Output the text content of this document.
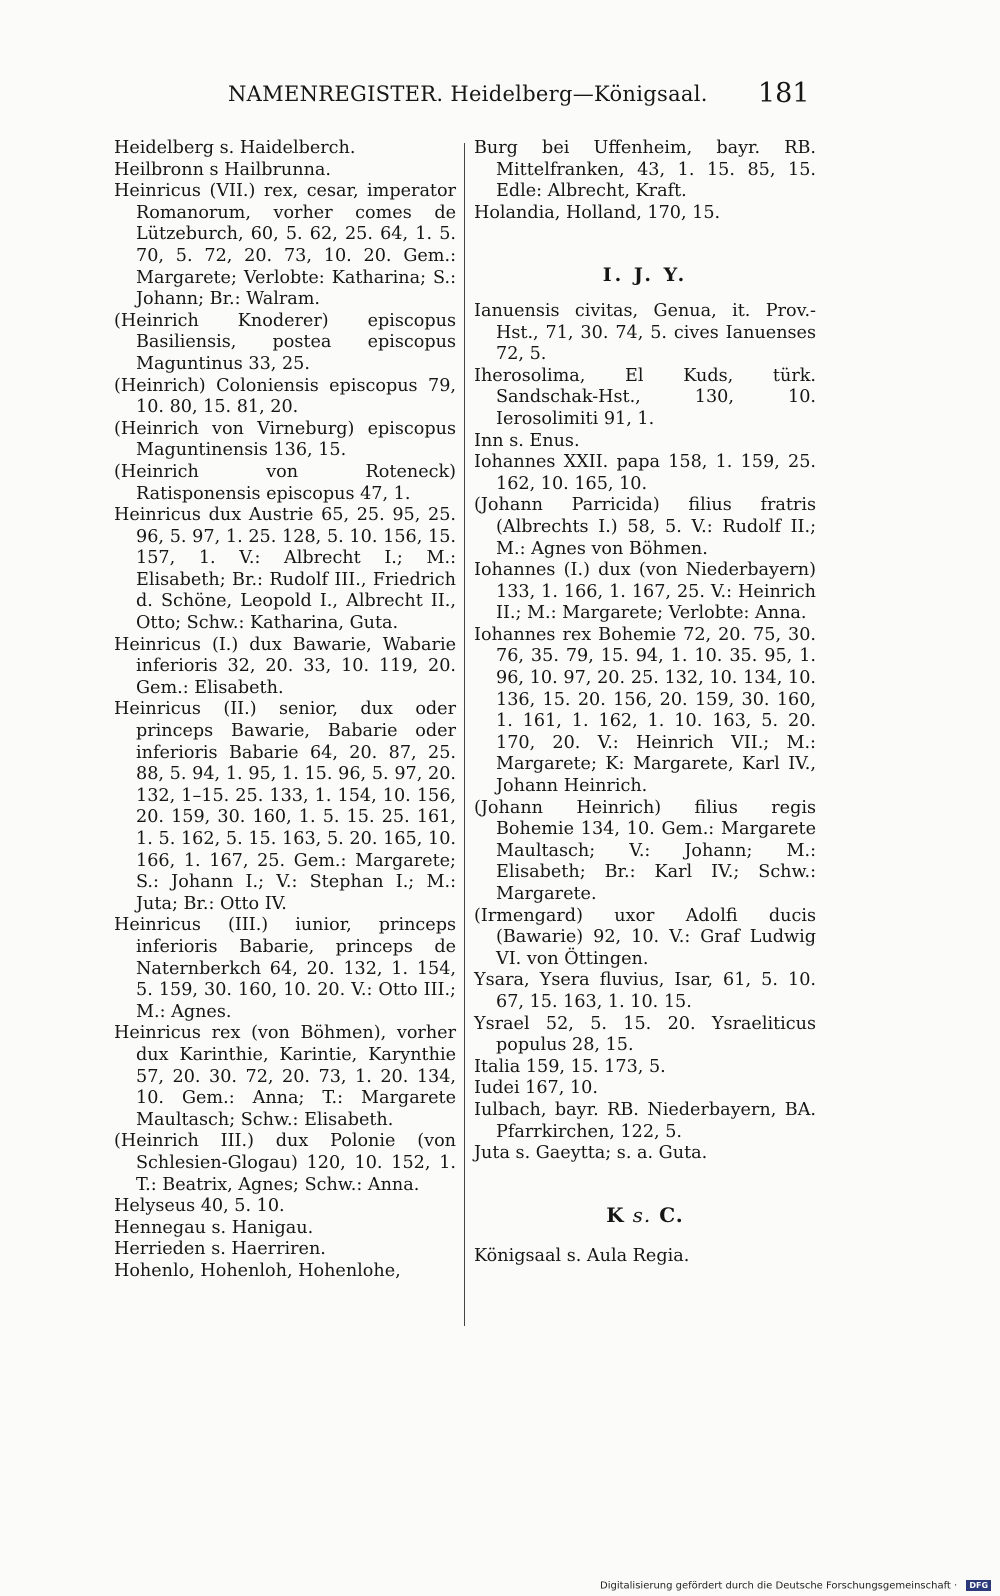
NAMENREGISTER. Heidelberg—Königsaal. 181

Heidelberg s. Haidelberch.

Heilbronn s Hailbrunna.

Heinricus (VII.) rex, cesar, imperator Romanorum, vorher comes de Lützeburch, 60, 5. 62, 25. 64, 1. 5. 70, 5. 72, 20. 73, 10. 20. Gem.: Margarete; Verlobte: Katharina; S.: Johann; Br.: Walram.

(Heinrich Knoderer) episcopus Basiliensis, postea episcopus Maguntinus 33, 25.

(Heinrich) Coloniensis episcopus 79, 10. 80, 15. 81, 20.

(Heinrich von Virneburg) episcopus Maguntinensis 136, 15.

(Heinrich von Roteneck) Ratisponensis episcopus 47, 1.

Heinricus dux Austrie 65, 25. 95, 25. 96, 5. 97, 1. 25. 128, 5. 10. 156, 15. 157, 1. V.: Albrecht I.; M.: Elisabeth; Br.: Rudolf III., Friedrich d. Schöne, Leopold I., Albrecht II., Otto; Schw.: Katharina, Guta.

Heinricus (I.) dux Bawarie, Wabarie inferioris 32, 20. 33, 10. 119, 20. Gem.: Elisabeth.

Heinricus (II.) senior, dux oder princeps Bawarie, Babarie oder inferioris Babarie 64, 20. 87, 25. 88, 5. 94, 1. 95, 1. 15. 96, 5. 97, 20. 132, 1–15. 25. 133, 1. 154, 10. 156, 20. 159, 30. 160, 1. 5. 15. 25. 161, 1. 5. 162, 5. 15. 163, 5. 20. 165, 10. 166, 1. 167, 25. Gem.: Margarete; S.: Johann I.; V.: Stephan I.; M.: Juta; Br.: Otto IV.

Heinricus (III.) iunior, princeps inferioris Babarie, princeps de Naternberkch 64, 20. 132, 1. 154, 5. 159, 30. 160, 10. 20. V.: Otto III.; M.: Agnes.

Heinricus rex (von Böhmen), vorher dux Karinthie, Karintie, Karynthie 57, 20. 30. 72, 20. 73, 1. 20. 134, 10. Gem.: Anna; T.: Margarete Maultasch; Schw.: Elisabeth.

(Heinrich III.) dux Polonie (von Schlesien-Glogau) 120, 10. 152, 1. T.: Beatrix, Agnes; Schw.: Anna.

Helyseus 40, 5. 10.

Hennegau s. Hanigau.

Herrieden s. Haerriren.

Hohenlo, Hohenloh, Hohenlohe,

Burg bei Uffenheim, bayr. RB. Mittelfranken, 43, 1. 15. 85, 15. Edle: Albrecht, Kraft.

Holandia, Holland, 170, 15.

I. J. Y.

Ianuensis civitas, Genua, it. Prov.-Hst., 71, 30. 74, 5. cives Ianuenses 72, 5.

Iherosolima, El Kuds, türk. Sandschak-Hst., 130, 10. Ierosolimiti 91, 1.

Inn s. Enus.

Iohannes XXII. papa 158, 1. 159, 25. 162, 10. 165, 10.

(Johann Parricida) filius fratris (Albrechts I.) 58, 5. V.: Rudolf II.; M.: Agnes von Böhmen.

Iohannes (I.) dux (von Niederbayern) 133, 1. 166, 1. 167, 25. V.: Heinrich II.; M.: Margarete; Verlobte: Anna.

Iohannes rex Bohemie 72, 20. 75, 30. 76, 35. 79, 15. 94, 1. 10. 35. 95, 1. 96, 10. 97, 20. 25. 132, 10. 134, 10. 136, 15. 20. 156, 20. 159, 30. 160, 1. 161, 1. 162, 1. 10. 163, 5. 20. 170, 20. V.: Heinrich VII.; M.: Margarete; K: Margarete, Karl IV., Johann Heinrich.

(Johann Heinrich) filius regis Bohemie 134, 10. Gem.: Margarete Maultasch; V.: Johann; M.: Elisabeth; Br.: Karl IV.; Schw.: Margarete.

(Irmengard) uxor Adolfi ducis (Bawarie) 92, 10. V.: Graf Ludwig VI. von Öttingen.

Ysara, Ysera fluvius, Isar, 61, 5. 10. 67, 15. 163, 1. 10. 15.

Ysrael 52, 5. 15. 20. Ysraeliticus populus 28, 15.

Italia 159, 15. 173, 5.

Iudei 167, 10.

Iulbach, bayr. RB. Niederbayern, BA. Pfarrkirchen, 122, 5.

Juta s. Gaeytta; s. a. Guta.

K s. C.

Königsaal s. Aula Regia.

Digitalisierung gefördert durch die Deutsche Forschungsgemeinschaft · DFG
